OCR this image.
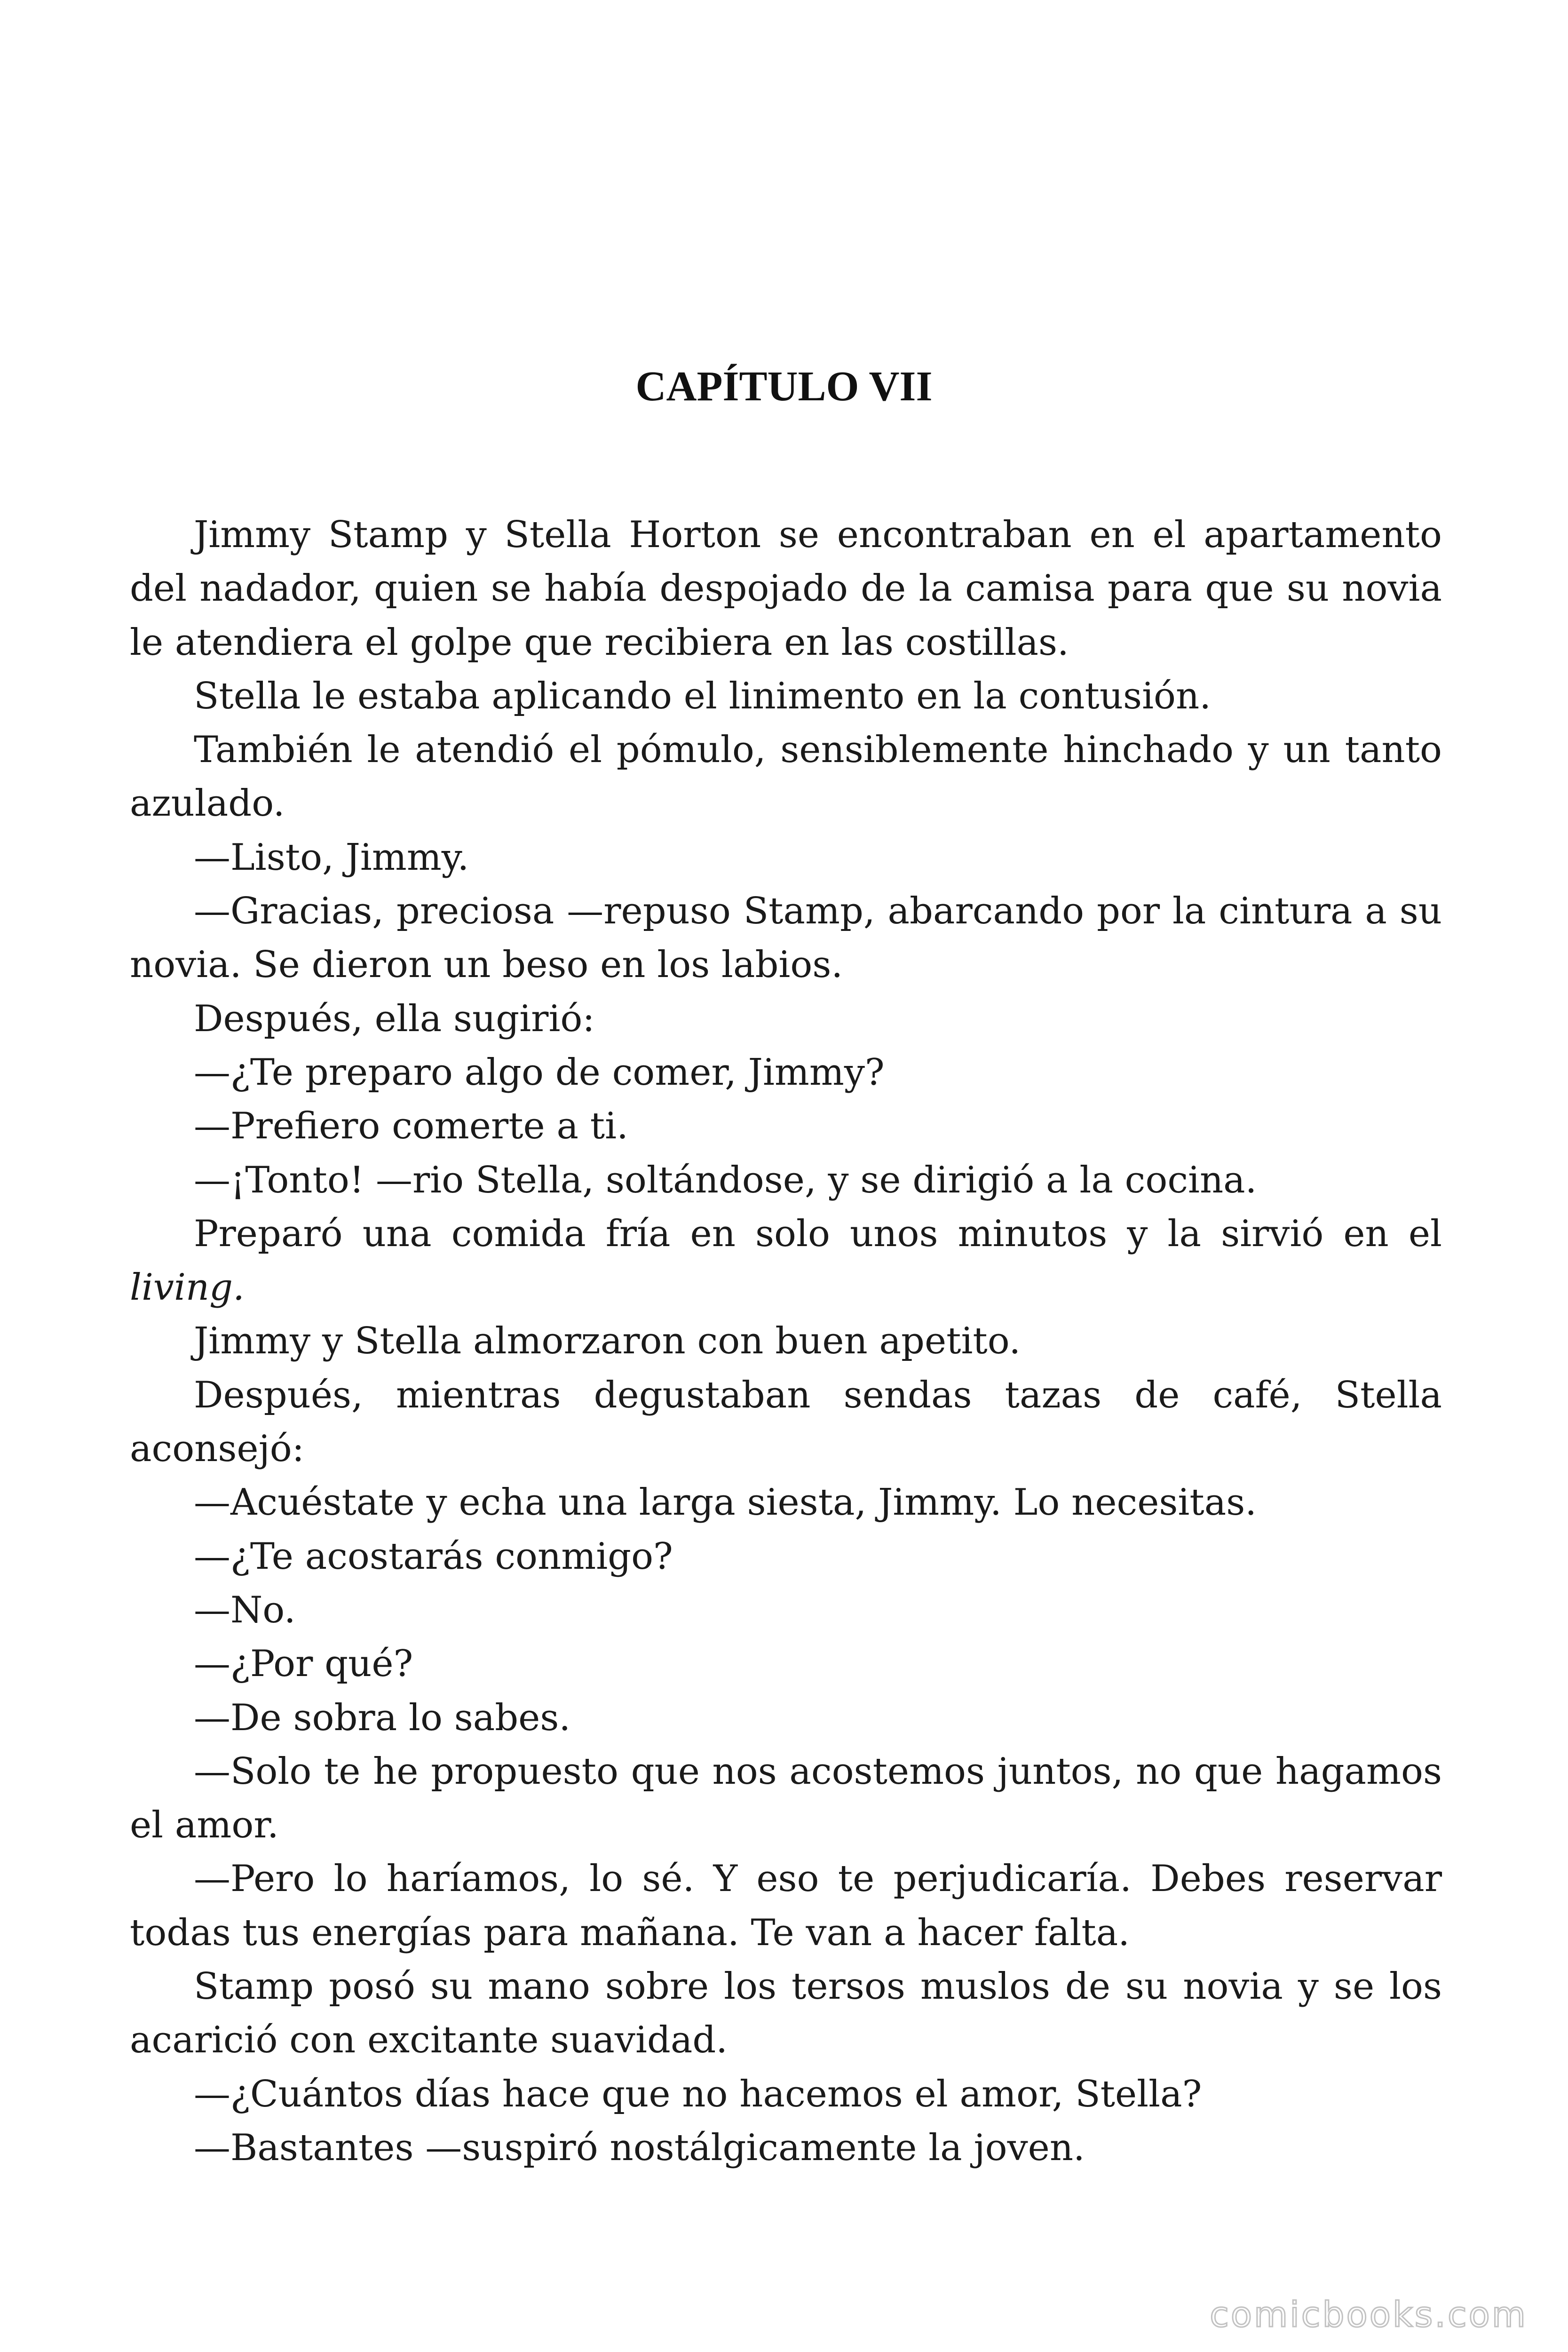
CAPÍTULO VII

Jimmy Stamp y Stella Horton se encontraban en el apartamento del nadador, quien se había despojado de la camisa para que su novia le atendiera el golpe que recibiera en las costillas.

Stella le estaba aplicando el linimento en la contusión.

También le atendió el pómulo, sensiblemente hinchado y un tanto azulado.

—Listo, Jimmy.

—Gracias, preciosa —repuso Stamp, abarcando por la cintura a su novia. Se dieron un beso en los labios.

Después, ella sugirió:

—¿Te preparo algo de comer, Jimmy?

—Prefiero comerte a ti.

—¡Tonto! —rio Stella, soltándose, y se dirigió a la cocina.

Preparó una comida fría en solo unos minutos y la sirvió en el living.

Jimmy y Stella almorzaron con buen apetito.

Después, mientras degustaban sendas tazas de café, Stella aconsejó:

—Acuéstate y echa una larga siesta, Jimmy. Lo necesitas.

—¿Te acostarás conmigo?

—No.

—¿Por qué?

—De sobra lo sabes.

—Solo te he propuesto que nos acostemos juntos, no que hagamos el amor.

—Pero lo haríamos, lo sé. Y eso te perjudicaría. Debes reservar todas tus energías para mañana. Te van a hacer falta.

Stamp posó su mano sobre los tersos muslos de su novia y se los acarició con excitante suavidad.

—¿Cuántos días hace que no hacemos el amor, Stella?

—Bastantes —suspiró nostálgicamente la joven.

comicbooks.com
